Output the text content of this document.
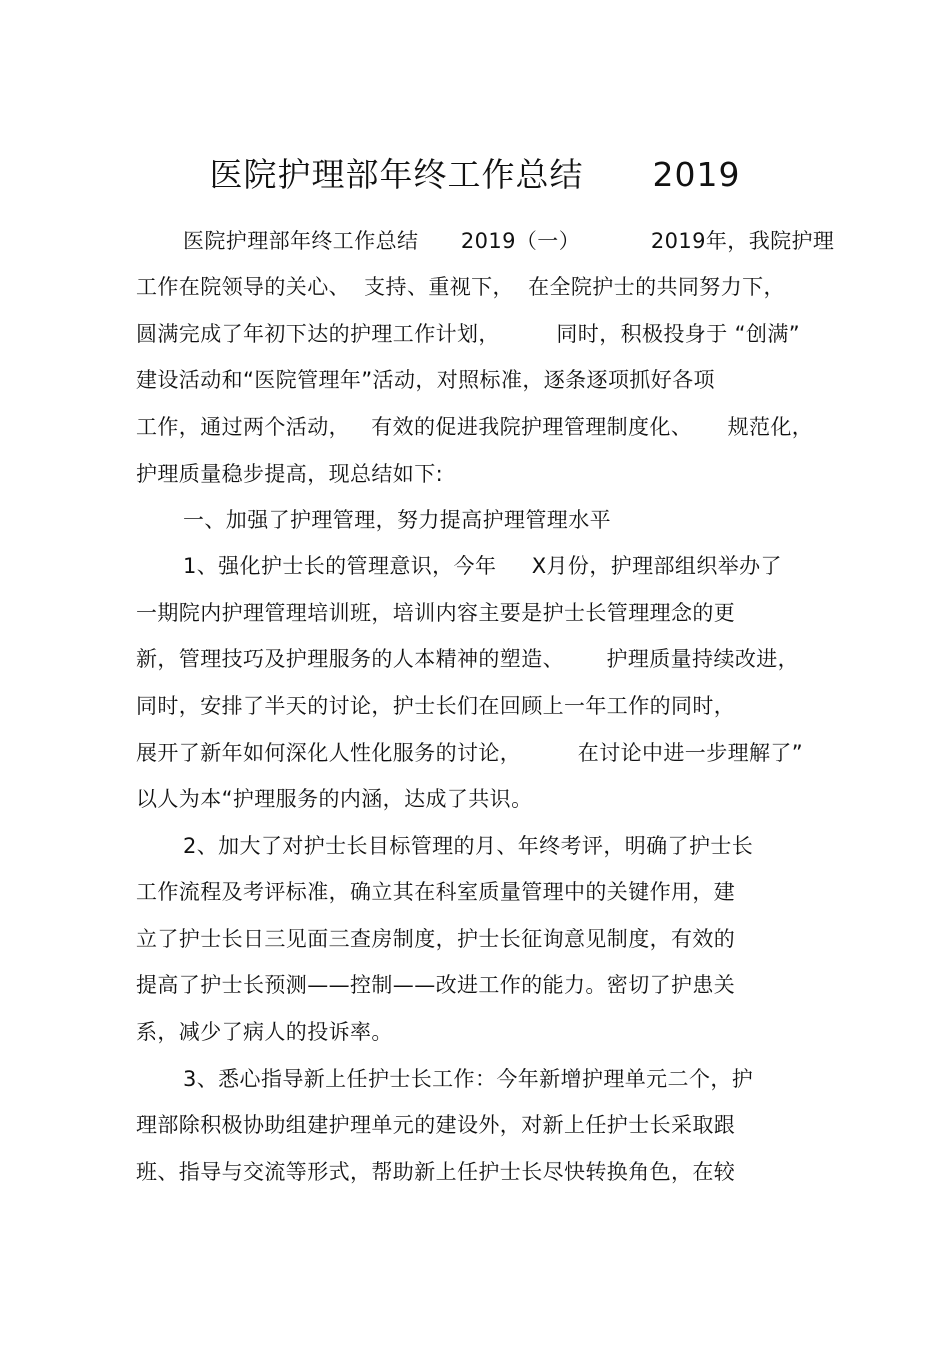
医院护理部年终工作总结      2019
医院护理部年终工作总结      2019（一）          2019年，我院护理
工作在院领导的关心、  支持、重视下，  在全院护士的共同努力下，
圆满完成了年初下达的护理工作计划，        同时，积极投身于 “创满”
建设活动和“医院管理年”活动，对照标准，逐条逐项抓好各项
工作，通过两个活动，   有效的促进我院护理管理制度化、     规范化，
护理质量稳步提高，现总结如下:
一、加强了护理管理，努力提高护理管理水平
1、强化护士长的管理意识，今年     X月份，护理部组织举办了
一期院内护理管理培训班，培训内容主要是护士长管理理念的更
新，管理技巧及护理服务的人本精神的塑造、      护理质量持续改进，
同时，安排了半天的讨论，护士长们在回顾上一年工作的同时，
展开了新年如何深化人性化服务的讨论，        在讨论中进一步理解了”
以人为本“护理服务的内涵，达成了共识。
2、加大了对护士长目标管理的月、年终考评，明确了护士长
工作流程及考评标准，确立其在科室质量管理中的关键作用，建
立了护士长日三见面三查房制度，护士长征询意见制度，有效的
提高了护士长预测——控制——改进工作的能力。密切了护患关
系，减少了病人的投诉率。
3、悉心指导新上任护士长工作：今年新增护理单元二个，护
理部除积极协助组建护理单元的建设外，对新上任护士长采取跟
班、指导与交流等形式，帮助新上任护士长尽快转换角色，在较
